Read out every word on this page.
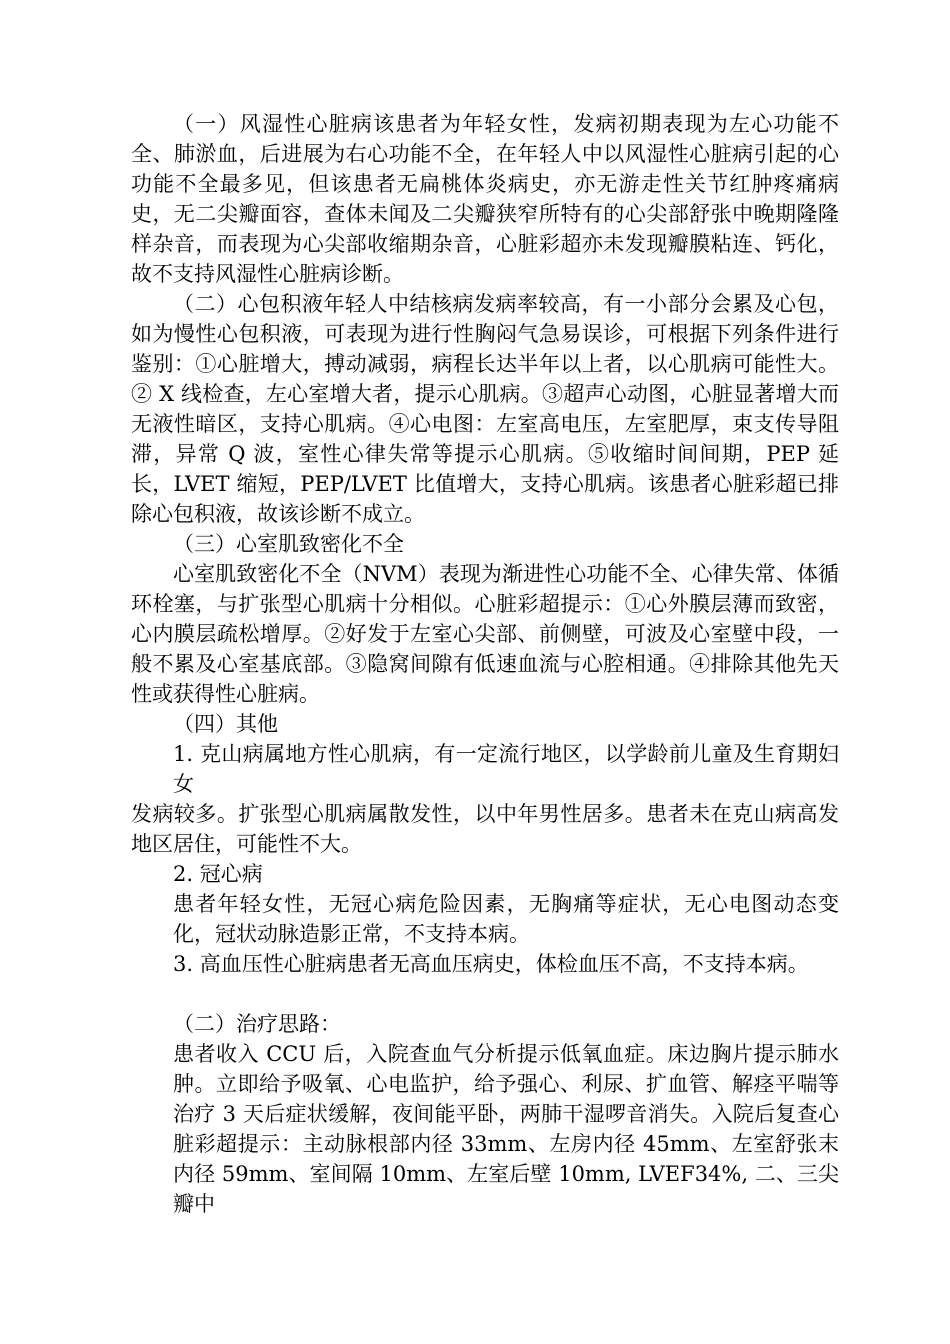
（一）风湿性心脏病该患者为年轻女性，发病初期表现为左心功能不全、肺淤血，后进展为右心功能不全，在年轻人中以风湿性心脏病引起的心功能不全最多见，但该患者无扁桃体炎病史，亦无游走性关节红肿疼痛病史，无二尖瓣面容，查体未闻及二尖瓣狭窄所特有的心尖部舒张中晚期隆隆样杂音，而表现为心尖部收缩期杂音，心脏彩超亦未发现瓣膜粘连、钙化，故不支持风湿性心脏病诊断。

（二）心包积液年轻人中结核病发病率较高，有一小部分会累及心包，如为慢性心包积液，可表现为进行性胸闷气急易误诊，可根据下列条件进行鉴别：①心脏增大，搏动减弱，病程长达半年以上者，以心肌病可能性大。② X 线检查，左心室增大者，提示心肌病。③超声心动图，心脏显著增大而无液性暗区，支持心肌病。④心电图：左室高电压，左室肥厚，束支传导阻滞，异常 Q 波，室性心律失常等提示心肌病。⑤收缩时间间期，PEP 延长，LVET 缩短，PEP/LVET 比值增大，支持心肌病。该患者心脏彩超已排除心包积液，故该诊断不成立。

（三）心室肌致密化不全

心室肌致密化不全（NVM）表现为渐进性心功能不全、心律失常、体循环栓塞，与扩张型心肌病十分相似。心脏彩超提示：①心外膜层薄而致密，心内膜层疏松增厚。②好发于左室心尖部、前侧壁，可波及心室壁中段，一般不累及心室基底部。③隐窝间隙有低速血流与心腔相通。④排除其他先天性或获得性心脏病。

（四）其他

1. 克山病属地方性心肌病，有一定流行地区，以学龄前儿童及生育期妇女

发病较多。扩张型心肌病属散发性，以中年男性居多。患者未在克山病高发地区居住，可能性不大。

2. 冠心病

患者年轻女性，无冠心病危险因素，无胸痛等症状，无心电图动态变化，冠状动脉造影正常，不支持本病。

3. 高血压性心脏病患者无高血压病史，体检血压不高，不支持本病。

（二）治疗思路：

患者收入 CCU 后，入院查血气分析提示低氧血症。床边胸片提示肺水肿。立即给予吸氧、心电监护，给予强心、利尿、扩血管、解痉平喘等治疗 3 天后症状缓解，夜间能平卧，两肺干湿啰音消失。入院后复查心脏彩超提示：主动脉根部内径 33mm、左房内径 45mm、左室舒张末内径 59mm、室间隔 10mm、左室后壁 10mm, LVEF34%, 二、三尖瓣中
